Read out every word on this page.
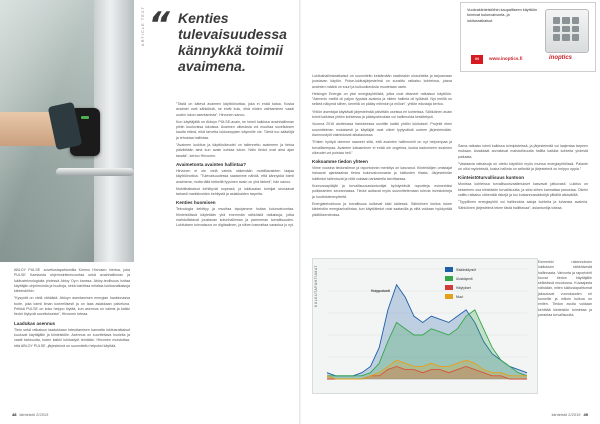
ARTICLE TEXT
“ Kenties tulevaisuudessa kännykkä toimii avaimena.

ABLOY PULSE -sovellustapahtumilla Kimmo Hirvosen hiertoa, joka PULSE Kaestosta ohjelmointineuvontaa sekä avainhallinnan ja lukitusteknologioita yhdessä Abloy Oy:n kanssa. Abloy-teollisuus hoitaa käyttäjän ohjelmointia ja huoltoja, sekä toimittaa erilaisia lukitusratkaisuja kiinteistöihin.

”Kysyntä on vielä vähäistä. Abloyn asentaminen energian hankinnassa tuote, joka toimii ilman koneellisesti ja on taas asiakkaan palveluna. Pelkkä PULSE on koko helppo löytää, kun asennus on valmis ja kaikki tiedot löytyvät sovelluksesta”, Hirvonen toteaa.

Laadukas asennus

Tieto sekä ratkaisun laadukkaan toteuttamisen kannalta lukitusratkaisut kuuluvat käyttäjälle ja kiinteistölle. Asennus on suoritettava huolella ja vaatii tarkkuutta, kuten kaikki lukitustyöt tehdään. Hirvonen muistuttaa, että ABLOY PULSE -järjestelmä on suunniteltu helpoksi käyttää.

”Tästä on kätevä avaimen käyttöönottaa, joka ei enää katoa. Koska avaimet ovat sähköisiä, ne eivät kulu, eikä niiden vaihtaminen vaadi uuden lukon asentamista”, Hirvonen sanoo.

Kun käyttäjällä on Abloyn PULSE-avain, se toimii kaikissa avainhallinnan piiriin kuuluvissa lukoissa. Avaimen oikeuksia voi muuttaa sovelluksen kautta etänä, eikä tarvetta lukkoseppien käynnille ole. Tämä tuo säästöjä ja tehostaa hallintaa.

”Avaimen luokitus ja käyttöoikeudet on tallennettu avaimeen ja tietoa päivitetään aina kun avain kohtaa lukon. Näin tiedot ovat aina ajan tasalla”, kertoo Hirvonen.

Avaimetonta avainten hallintaa?

Hirvonen ei ole vielä valmis näkemään mobiiliavainten laajaa käyttöönottoa. ”Tulevaisuudessa saatamme nähdä, että kännykkä toimii avaimena, mutta tällä hetkellä fyysinen avain on yhä tärkeä”, hän sanoo.

Mobiiliratkaisut kehittyvät nopeasti, ja lukitusalan toimijat seuraavat tarkasti markkinoiden kehitystä ja asiakkaiden tarpeita.

Kenties huomisen

Teknologia kehittyy ja muuttaa tapojamme hoitaa kulunvalvontaa. Kiinteistöissä käytetään yhä enemmän sähköisiä ratkaisuja, jotka mahdollistavat joustavan kulunhallinnan ja paremman turvallisuuden. Lukituksen tulevaisuus on digitaalinen, ja siihen kannattaa varautua jo nyt.

Vuokrakiinteistöihin kaupalliseen käyttöön
toimivat kulunvalvonta- ja
lukitusratkaisut.
IN	www.inoptics.fi	inoptics

Lukitushallintaratkaisut on suunniteltu kestämään vaativiakin olosuhteita ja tarjoamaan joustavan käytön. Pulse-lukitusjärjestelmä on suosittu ratkaisu kohteissa, joissa avainten määrä on suuri ja kulkuoikeuksia muutetaan usein.

Helsingin Energia on yksi energiayhtiöistä, jotka ovat ottaneet ratkaisun käyttöön. ”Aiemmin meillä oli paljon fyysisiä avaimia ja niiden hallinta oli työlästä. Nyt meillä on selkeä näkymä siihen, kenellä on pääsy mihinkin ja milloin”, yhtiön edustaja kertoo.

Yhtiön asentajat käyttävät järjestelmää päivittäin useissa eri kohteissa. Sähköinen avain toimii kaikissa yhtiön kohteissa ja pääsyoikeuksia voi hallinnoida keskitetysti.

Vuonna 2016 aloitetussa hankkeessa uusittiin kaikki yhtiön lukitukset. Projekti eteni suunnitelman mukaisesti ja käyttäjät ovat olleet tyytyväisiä uuteen järjestelmään. Asennustyöt valmistuivat aikataulussa.

”Eniten hyötyä olemme saaneet siitä, että avainten hallinnointi on nyt helpompaa ja turvallisempaa. Avainten katoaminen ei enää ole ongelma, koska kadonneen avaimen oikeudet voi poistaa heti.”

Kokoamme tiedon yhteen

Viime vuosina tiedonsiirron ja raportoinnin merkitys on kasvanut. Kiinteistöjen omistajat haluavat ajantasaista tietoa kulunvalvonnasta ja lukitusten tilasta. Järjestelmän lokitiedot tallentuvat ja niitä voidaan tarkastella tarvittaessa.

Kunnossapitäjät ja turvallisuusasiantuntijat hyödyntävät raportteja esimerkiksi poikkeamien seurannassa. Tiedot auttavat myös suunnittelemaan tulevia investointeja ja huoltotoimenpiteitä.

Energiatehokkuus ja turvallisuus kulkevat käsi kädessä. Sähköinen lukitus tukee kiinteistön energianhallintaa, kun käyttötiedot ovat saatavilla ja niitä voidaan hyödyntää päätöksenteossa.

Sama ratkaisu toimii kaikissa toimipisteissä, ja järjestelmää voi laajentaa tarpeen mukaan. Asiakkaat arvostavat mahdollisuutta hallita kaikkia kohteita yhdestä paikasta.

”Vastaavia ratkaisuja on otettu käyttöön myös muissa energiayhtiöissä. Palaute on ollut myönteistä, koska hallinta on selkeää ja järjestelmä on helppo oppia.”

Kiinteistöturvallisuus kuntoon

Monissa kohteissa turvallisuusvaatimukset kasvavat jatkuvasti. Lukitus on keskeinen osa kiinteistön turvallisuutta, ja siksi siihen kannattaa panostaa. Oikein valittu ratkaisu vähentää riskejä ja tuo kustannussäästöjä pitkällä aikavälillä.

”Tyypillinen energiayhtiö voi hallinnoida satoja kohteita ja tuhansia avaimia. Sähköinen järjestelmä tekee tästä hallittavaa”, asiantuntija toteaa.

KULKUTAPAHTUMAT	Huipputunti
Sisäänkäynnit
Uloskäynnit
Hälytykset
Muut

Esimerkki rakennuksen lukituksen sähköisestä hallinnasta. Valvonta ja raportointi tuovat tiedon käyttäjälle selkeässä muodossa. Kuvaajasta nähdään, miten lukitustapahtumat jakautuvat vuorokauden eri tunneille ja milloin kulkua on eniten. Tiedon avulla voidaan kehittää kiinteistön toimintaa ja parantaa turvallisuutta.

48 kiinteistö 2/2019	kiinteistö 2/2019 49
